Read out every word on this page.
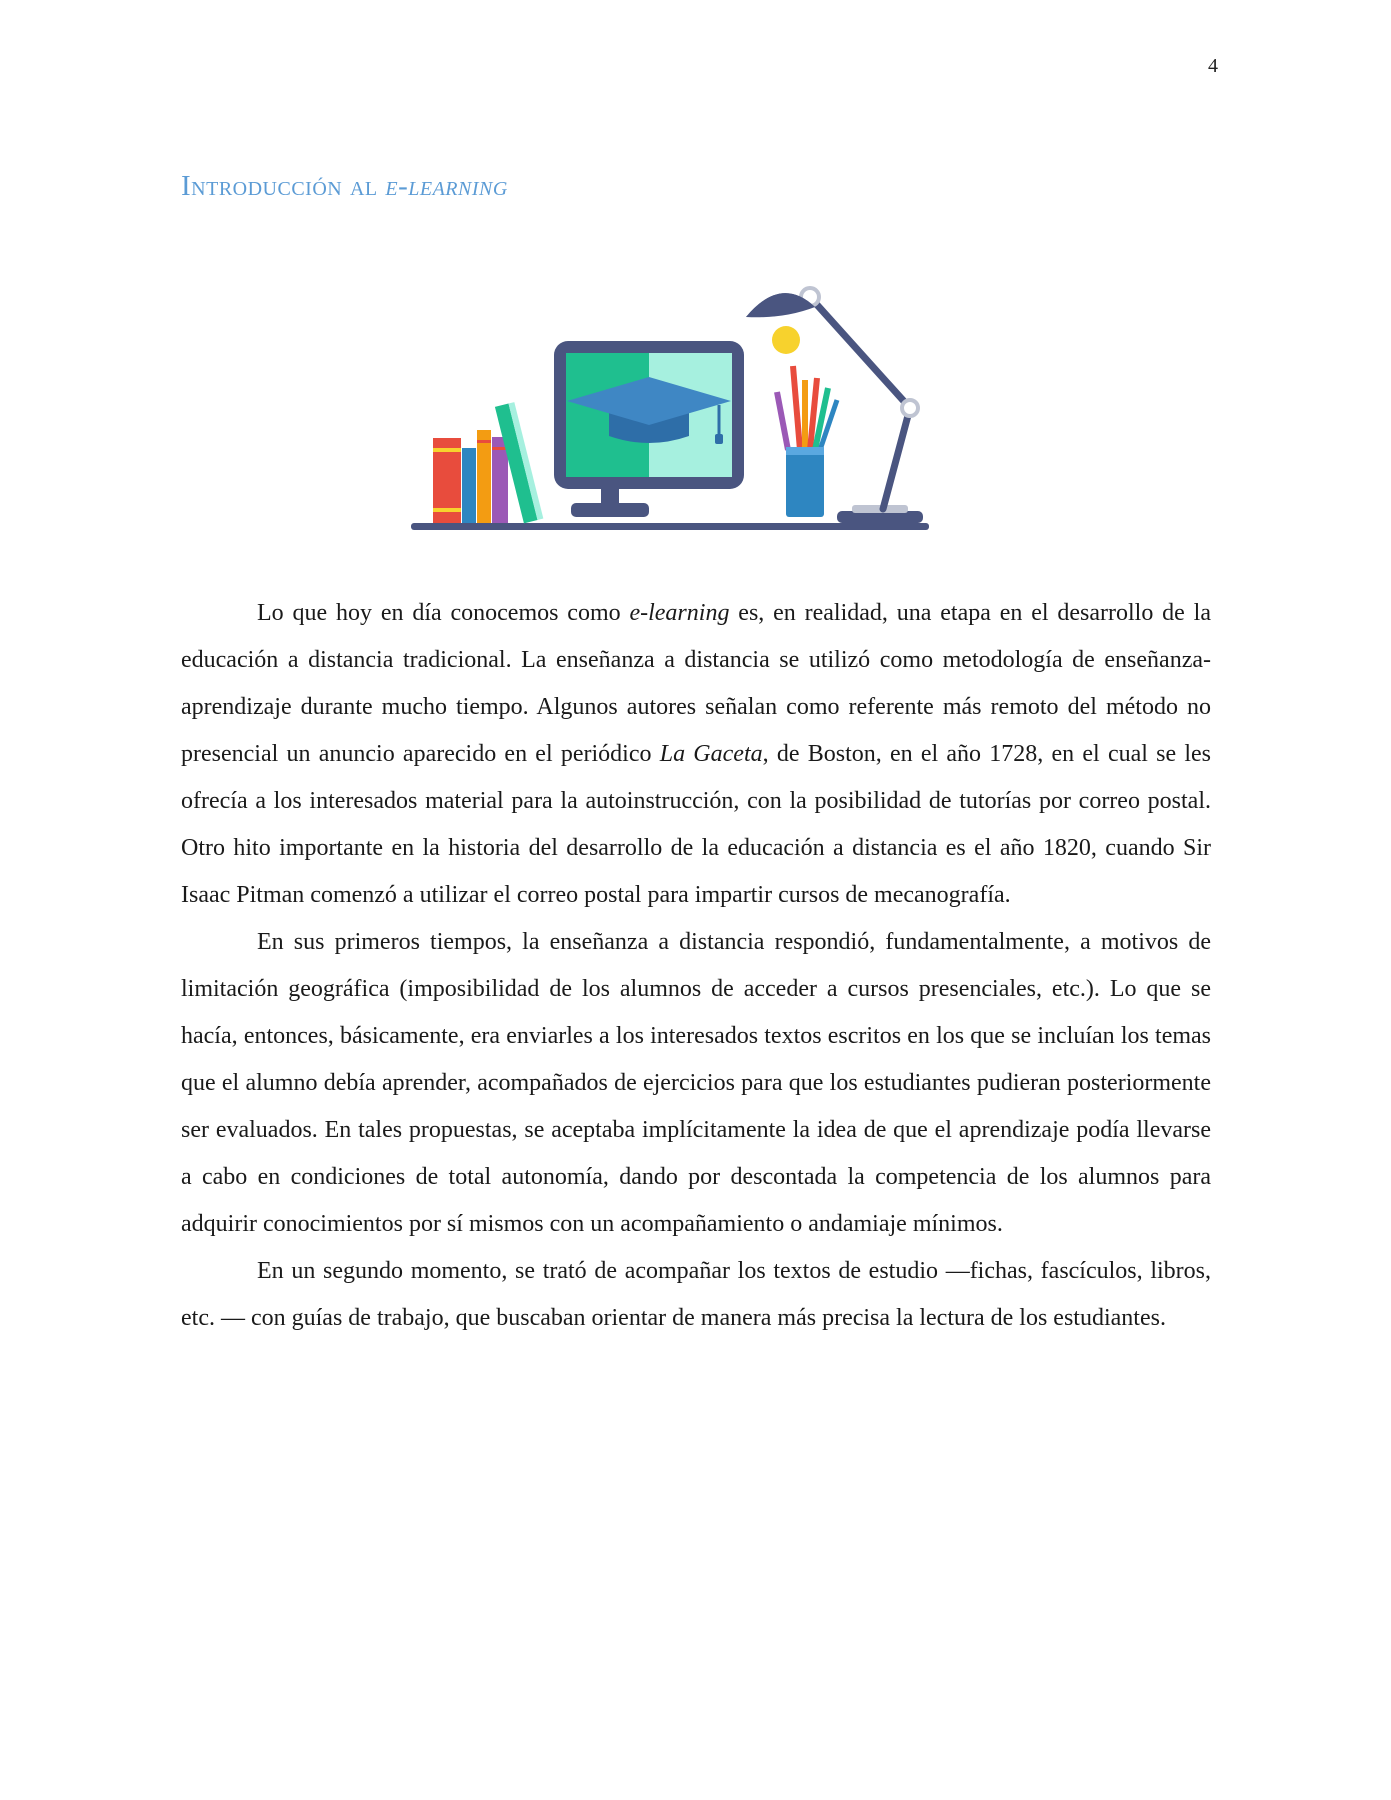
4
Introducción al e-learning

Lo que hoy en día conocemos como e-learning es, en realidad, una etapa en el desarrollo de la educación a distancia tradicional. La enseñanza a distancia se utilizó como metodología de enseñanza-aprendizaje durante mucho tiempo. Algunos autores señalan como referente más remoto del método no presencial un anuncio aparecido en el periódico La Gaceta, de Boston, en el año 1728, en el cual se les ofrecía a los interesados material para la autoinstrucción, con la posibilidad de tutorías por correo postal. Otro hito importante en la historia del desarrollo de la educación a distancia es el año 1820, cuando Sir Isaac Pitman comenzó a utilizar el correo postal para impartir cursos de mecanografía.

En sus primeros tiempos, la enseñanza a distancia respondió, fundamentalmente, a motivos de limitación geográfica (imposibilidad de los alumnos de acceder a cursos presenciales, etc.). Lo que se hacía, entonces, básicamente, era enviarles a los interesados textos escritos en los que se incluían los temas que el alumno debía aprender, acompañados de ejercicios para que los estudiantes pudieran posteriormente ser evaluados. En tales propuestas, se aceptaba implícitamente la idea de que el aprendizaje podía llevarse a cabo en condiciones de total autonomía, dando por descontada la competencia de los alumnos para adquirir conocimientos por sí mismos con un acompañamiento o andamiaje mínimos.

En un segundo momento, se trató de acompañar los textos de estudio —fichas, fascículos, libros, etc. — con guías de trabajo, que buscaban orientar de manera más precisa la lectura de los estudiantes.
